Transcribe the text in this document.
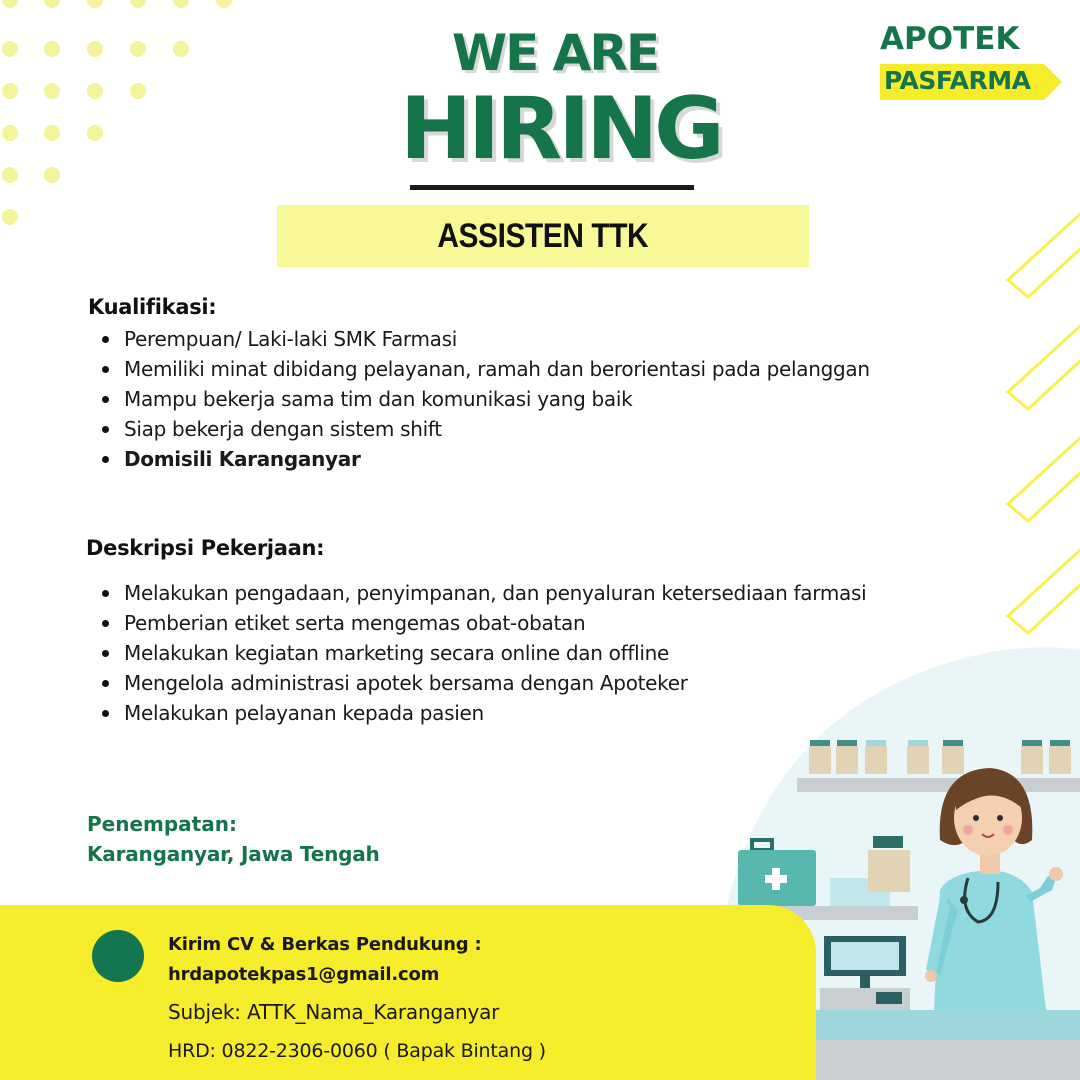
WE ARE
HIRING
ASSISTEN TTK
APOTEK
PASFARMA
Kualifikasi:
Perempuan/ Laki-laki SMK Farmasi
Memiliki minat dibidang pelayanan, ramah dan berorientasi pada pelanggan
Mampu bekerja sama tim dan komunikasi yang baik
Siap bekerja dengan sistem shift
Domisili Karanganyar
Deskripsi Pekerjaan:
Melakukan pengadaan, penyimpanan, dan penyaluran ketersediaan farmasi
Pemberian etiket serta mengemas obat-obatan
Melakukan kegiatan marketing secara online dan offline
Mengelola administrasi apotek bersama dengan Apoteker
Melakukan pelayanan kepada pasien
Penempatan:
Karanganyar, Jawa Tengah
Kirim CV & Berkas Pendukung :
hrdapotekpas1@gmail.com
Subjek: ATTK_Nama_Karanganyar
HRD: 0822-2306-0060 ( Bapak Bintang )
